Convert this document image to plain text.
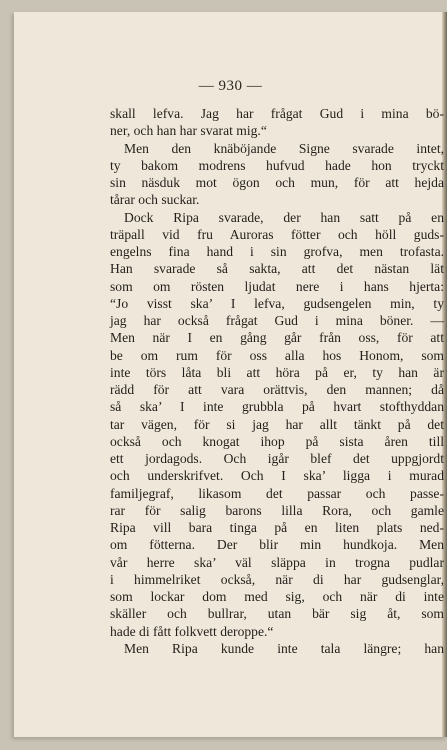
— 930 —
skall lefva. Jag har frågat Gud i mina bö-
ner, och han har svarat mig.“
Men den knäböjande Signe svarade intet,
ty bakom modrens hufvud hade hon tryckt
sin näsduk mot ögon och mun, för att hejda
tårar och suckar.
Dock Ripa svarade, der han satt på en
träpall vid fru Auroras fötter och höll guds-
engelns fina hand i sin grofva, men trofasta.
Han svarade så sakta, att det nästan lät
som om rösten ljudat nere i hans hjerta:
“Jo visst ska’ I lefva, gudsengelen min, ty
jag har också frågat Gud i mina böner. —
Men när I en gång går från oss, för att
be om rum för oss alla hos Honom, som
inte törs låta bli att höra på er, ty han är
rädd för att vara orättvis, den mannen; då
så ska’ I inte grubbla på hvart stofthyddan
tar vägen, för si jag har allt tänkt på det
också och knogat ihop på sista åren till
ett jordagods. Och igår blef det uppgjordt
och underskrifvet. Och I ska’ ligga i murad
familjegraf, likasom det passar och passe-
rar för salig barons lilla Rora, och gamle
Ripa vill bara tinga på en liten plats ned-
om fötterna. Der blir min hundkoja. Men
vår herre ska’ väl släppa in trogna pudlar
i himmelriket också, när di har gudsenglar,
som lockar dom med sig, och när di inte
skäller och bullrar, utan bär sig åt, som
hade di fått folkvett deroppe.“
Men Ripa kunde inte tala längre; han
